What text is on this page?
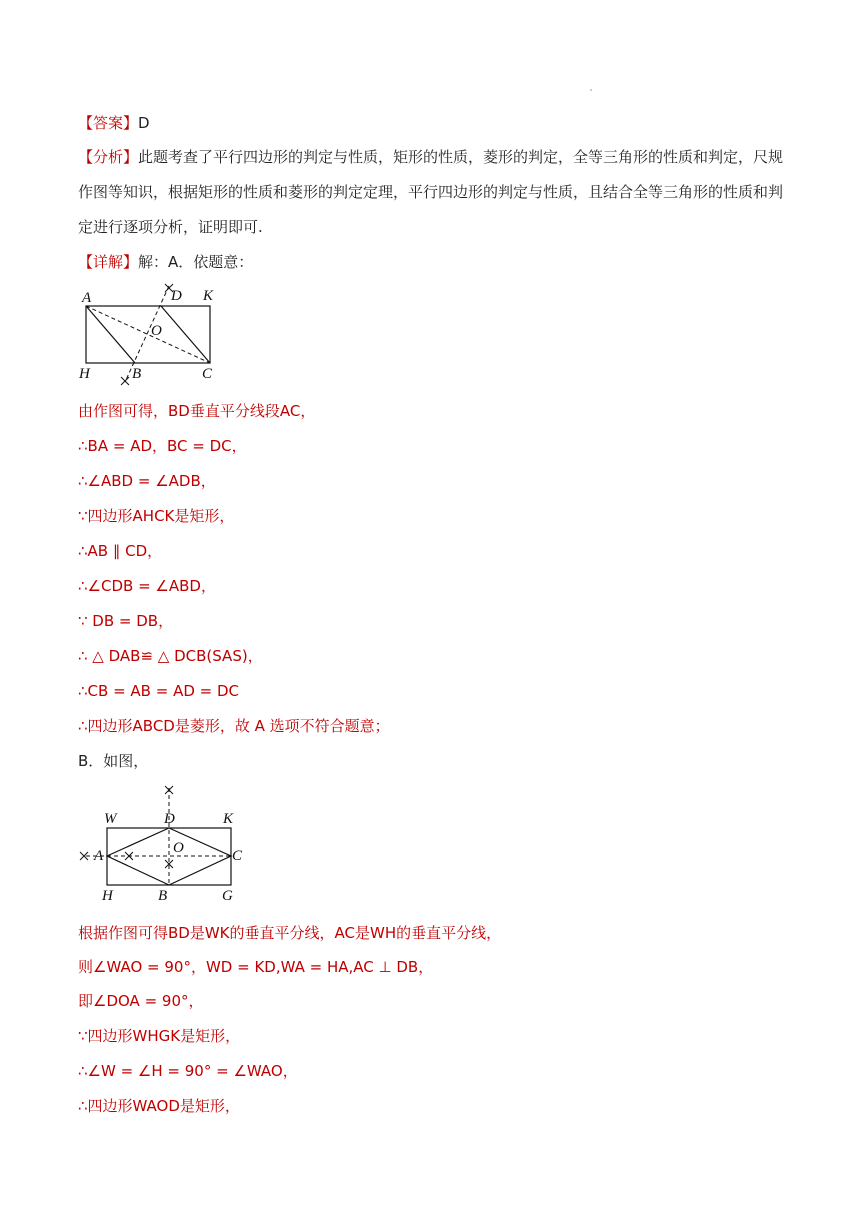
【答案】D
【分析】此题考查了平行四边形的判定与性质，矩形的性质，菱形的判定，全等三角形的性质和判定，尺规作图等知识，根据矩形的性质和菱形的判定定理，平行四边形的判定与性质，且结合全等三角形的性质和判定进行逐项分析，证明即可.
【详解】解：A．依题意：
A	D K
O
H	B	C
由作图可得，BD垂直平分线段AC，
∴BA = AD，BC = DC，
∴∠ABD = ∠ADB，
∵四边形AHCK是矩形，
∴AB ∥ CD，
∴∠CDB = ∠ABD，
∵ DB = DB，
∴ △ DAB≌ △ DCB(SAS)，
∴CB = AB = AD = DC
∴四边形ABCD是菱形，故 A 选项不符合题意；
B．如图，
W	D	K
A	O	C
H	B	G
根据作图可得BD是WK的垂直平分线，AC是WH的垂直平分线，
则∠WAO = 90°，WD = KD,WA = HA,AC ⊥ DB，
即∠DOA = 90°，
∵四边形WHGK是矩形，
∴∠W = ∠H = 90° = ∠WAO，
∴四边形WAOD是矩形，
